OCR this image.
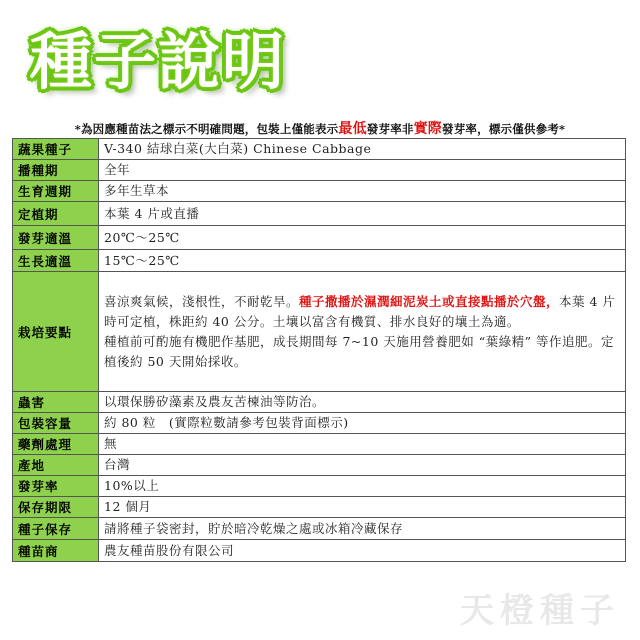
種子說明
*為因應種苗法之標示不明確問題，包裝上僅能表示最低發芽率非實際發芽率，標示僅供參考*
蔬果種子	V-340 結球白菜(大白菜) Chinese Cabbage
播種期	全年
生育週期	多年生草本
定植期	本葉 4 片或直播
發芽適溫	20℃～25℃
生長適溫	15℃～25℃
栽培要點	喜涼爽氣候，淺根性，不耐乾旱。種子撒播於濕潤細泥炭土或直接點播於穴盤，本葉 4 片時可定植，株距約 40 公分。土壤以富含有機質、排水良好的壤土為適。
種植前可酌施有機肥作基肥，成長期間每 7~10 天施用營養肥如 “葉綠精” 等作追肥。定植後約 50 天開始採收。
蟲害	以環保勝矽藻素及農友苦楝油等防治。
包裝容量	約 80 粒　(實際粒數請參考包裝背面標示)
藥劑處理	無
產地	台灣
發芽率	10%以上
保存期限	12 個月
種子保存	請將種子袋密封，貯於暗冷乾燥之處或冰箱冷藏保存
種苗商	農友種苗股份有限公司
天橙種子
